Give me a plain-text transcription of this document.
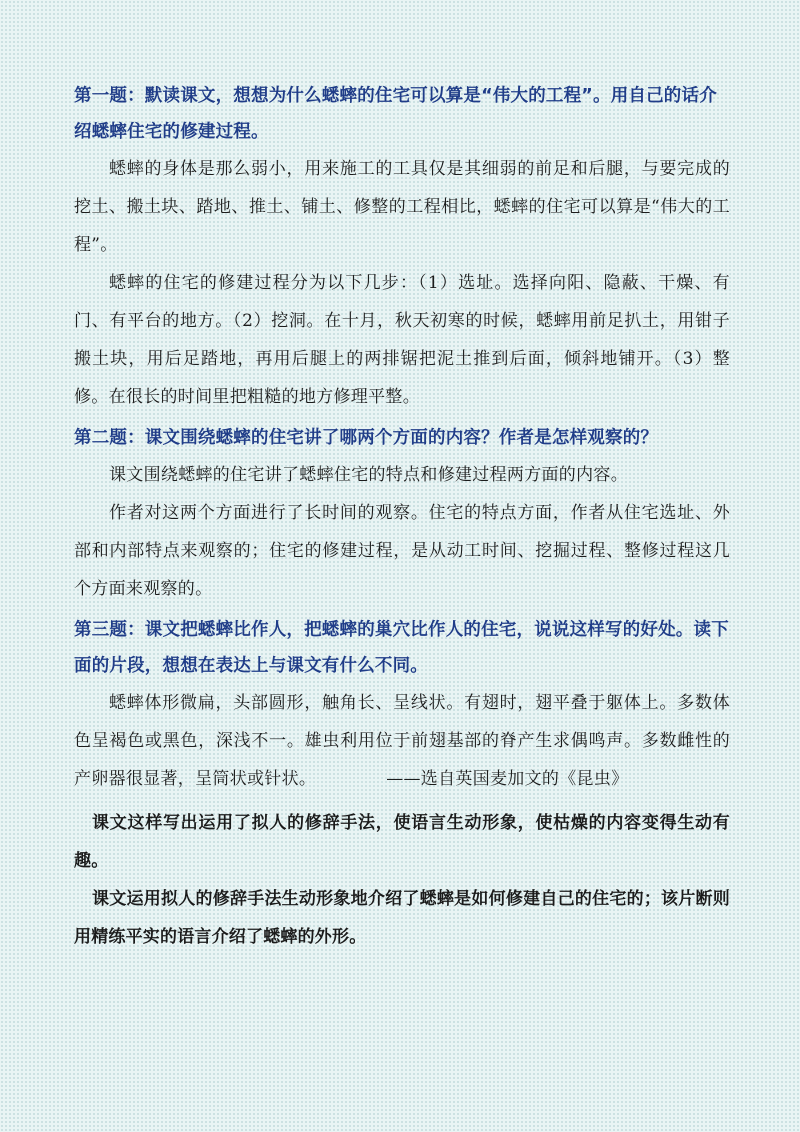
第一题：默读课文，想想为什么蟋蟀的住宅可以算是“伟大的工程”。用自己的话介绍蟋蟀住宅的修建过程。

蟋蟀的身体是那么弱小，用来施工的工具仅是其细弱的前足和后腿，与要完成的挖土、搬土块、踏地、推土、铺土、修整的工程相比，蟋蟀的住宅可以算是“伟大的工程”。

蟋蟀的住宅的修建过程分为以下几步：（1）选址。选择向阳、隐蔽、干燥、有门、有平台的地方。（2）挖洞。在十月，秋天初寒的时候，蟋蟀用前足扒土，用钳子搬土块，用后足踏地，再用后腿上的两排锯把泥土推到后面，倾斜地铺开。（3）整修。在很长的时间里把粗糙的地方修理平整。

第二题：课文围绕蟋蟀的住宅讲了哪两个方面的内容？作者是怎样观察的？

课文围绕蟋蟀的住宅讲了蟋蟀住宅的特点和修建过程两方面的内容。

作者对这两个方面进行了长时间的观察。住宅的特点方面，作者从住宅选址、外部和内部特点来观察的；住宅的修建过程，是从动工时间、挖掘过程、整修过程这几个方面来观察的。

第三题：课文把蟋蟀比作人，把蟋蟀的巢穴比作人的住宅，说说这样写的好处。读下面的片段，想想在表达上与课文有什么不同。

蟋蟀体形微扁，头部圆形，触角长、呈线状。有翅时，翅平叠于躯体上。多数体色呈褐色或黑色，深浅不一。雄虫利用位于前翅基部的脊产生求偶鸣声。多数雌性的产卵器很显著，呈筒状或针状。	——选自英国麦加文的《昆虫》

课文这样写出运用了拟人的修辞手法，使语言生动形象，使枯燥的内容变得生动有趣。

课文运用拟人的修辞手法生动形象地介绍了蟋蟀是如何修建自己的住宅的；该片断则用精练平实的语言介绍了蟋蟀的外形。
